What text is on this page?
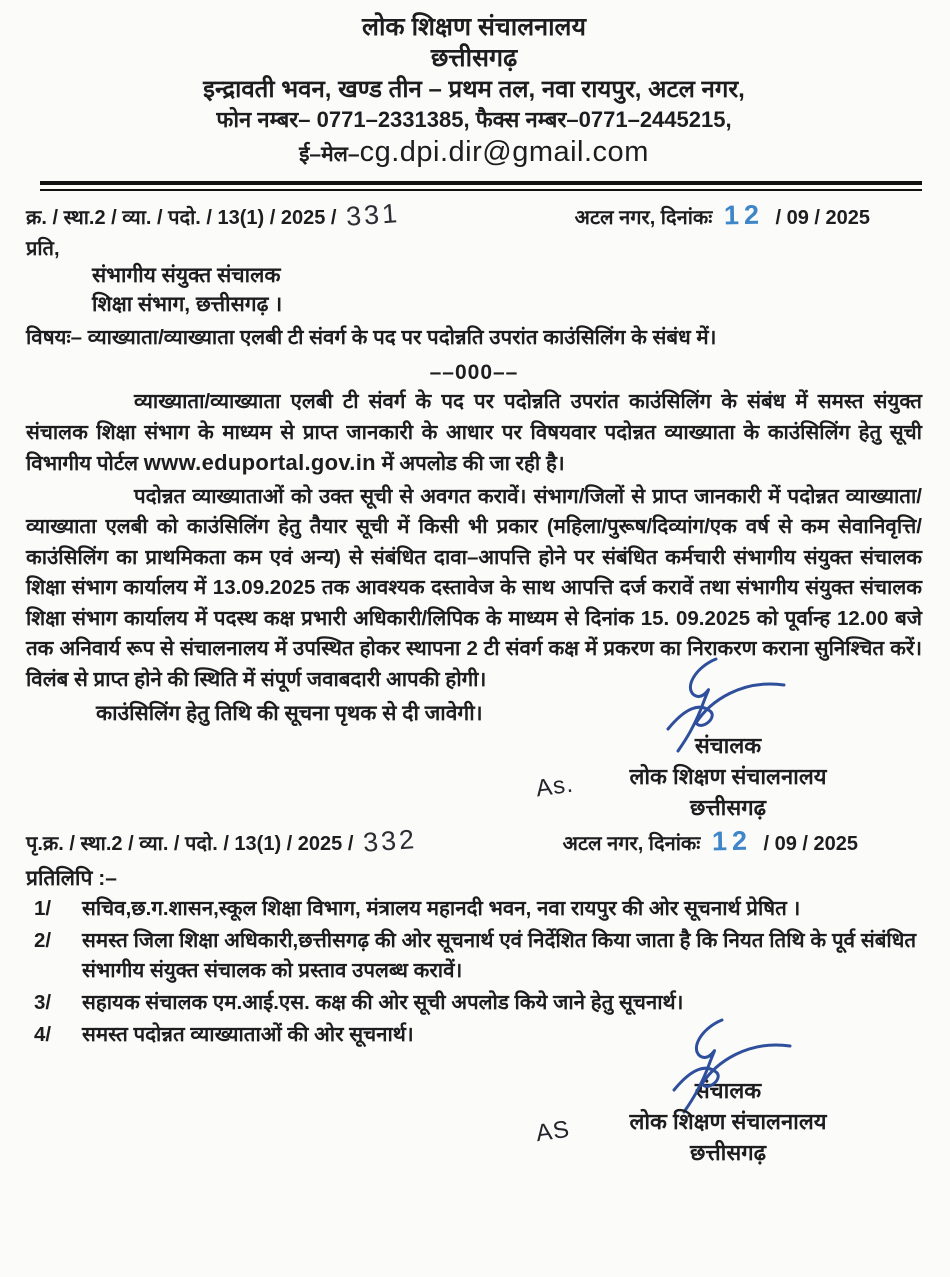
लोक शिक्षण संचालनालय
छत्तीसगढ़
इन्द्रावती भवन, खण्ड तीन – प्रथम तल, नवा रायपुर, अटल नगर,
फोन नम्बर– 0771–2331385, फैक्स नम्बर–0771–2445215,
ई–मेल–cg.dpi.dir@gmail.com
क्र. / स्था.2 / व्या. / पदो. / 13(1) / 2025 / 331	अटल नगर, दिनांकः 12 / 09 / 2025
प्रति,
संभागीय संयुक्त संचालक
शिक्षा संभाग, छत्तीसगढ़ ।
विषयः– व्याख्याता/व्याख्याता एलबी टी संवर्ग के पद पर पदोन्नति उपरांत काउंसिलिंग के संबंध में।
––000––

व्याख्याता/व्याख्याता एलबी टी संवर्ग के पद पर पदोन्नति उपरांत काउंसिलिंग के संबंध में समस्त संयुक्त संचालक शिक्षा संभाग के माध्यम से प्राप्त जानकारी के आधार पर विषयवार पदोन्नत व्याख्याता के काउंसिलिंग हेतु सूची विभागीय पोर्टल www.eduportal.gov.in में अपलोड की जा रही है।

पदोन्नत व्याख्याताओं को उक्त सूची से अवगत करावें। संभाग/जिलों से प्राप्त जानकारी में पदोन्नत व्याख्याता/व्याख्याता एलबी को काउंसिलिंग हेतु तैयार सूची में किसी भी प्रकार (महिला/पुरूष/दिव्यांग/एक वर्ष से कम सेवानिवृत्ति/काउंसिलिंग का प्राथमिकता कम एवं अन्य) से संबंधित दावा–आपत्ति होने पर संबंधित कर्मचारी संभागीय संयुक्त संचालक शिक्षा संभाग कार्यालय में 13.09.2025 तक आवश्यक दस्तावेज के साथ आपत्ति दर्ज करावें तथा संभागीय संयुक्त संचालक शिक्षा संभाग कार्यालय में पदस्थ कक्ष प्रभारी अधिकारी/लिपिक के माध्यम से दिनांक 15. 09.2025 को पूर्वान्ह 12.00 बजे तक अनिवार्य रूप से संचालनालय में उपस्थित होकर स्थापना 2 टी संवर्ग कक्ष में प्रकरण का निराकरण कराना सुनिश्चित करें। विलंब से प्राप्त होने की स्थिति में संपूर्ण जवाबदारी आपकी होगी।

काउंसिलिंग हेतु तिथि की सूचना पृथक से दी जावेगी।

संचालक
As. लोक शिक्षण संचालनालय
छत्तीसगढ़
पृ.क्र. / स्था.2 / व्या. / पदो. / 13(1) / 2025 / 332	अटल नगर, दिनांकः 12 / 09 / 2025
प्रतिलिपि :–
1/	सचिव,छ.ग.शासन,स्कूल शिक्षा विभाग, मंत्रालय महानदी भवन, नवा रायपुर की ओर सूचनार्थ प्रेषित ।
2/	समस्त जिला शिक्षा अधिकारी,छत्तीसगढ़ की ओर सूचनार्थ एवं निर्देशित किया जाता है कि नियत तिथि के पूर्व संबंधित संभागीय संयुक्त संचालक को प्रस्ताव उपलब्ध करावें।
3/	सहायक संचालक एम.आई.एस. कक्ष की ओर सूची अपलोड किये जाने हेतु सूचनार्थ।
4/	समस्त पदोन्नत व्याख्याताओं की ओर सूचनार्थ।
संचालक
AS	लोक शिक्षण संचालनालय
छत्तीसगढ़
